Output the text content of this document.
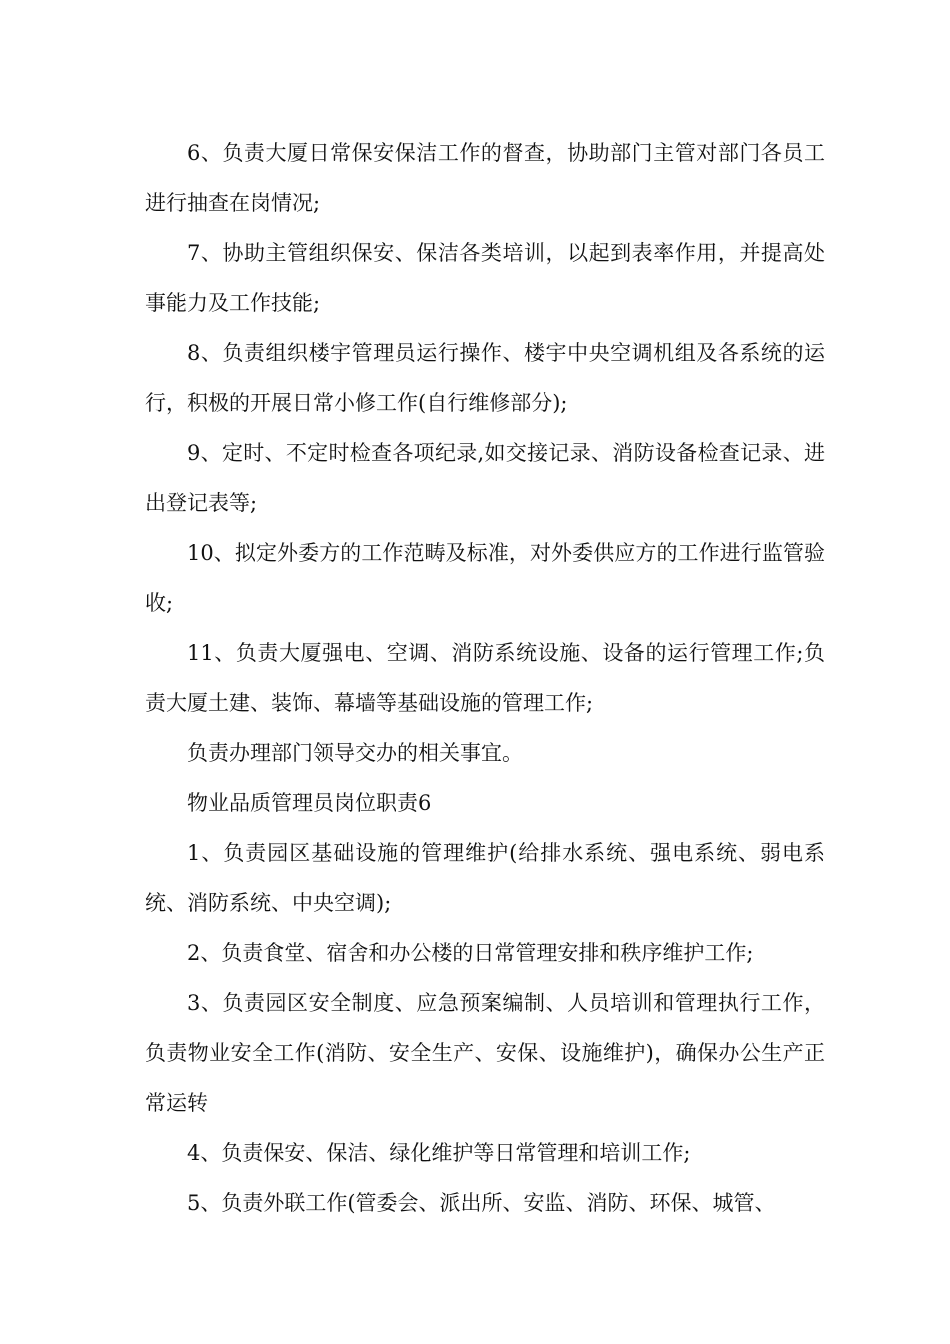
6、负责大厦日常保安保洁工作的督查，协助部门主管对部门各员工进行抽查在岗情况;

7、协助主管组织保安、保洁各类培训，以起到表率作用，并提高处事能力及工作技能;

8、负责组织楼宇管理员运行操作、楼宇中央空调机组及各系统的运行，积极的开展日常小修工作(自行维修部分);

9、定时、不定时检查各项纪录,如交接记录、消防设备检查记录、进出登记表等;

10、拟定外委方的工作范畴及标准，对外委供应方的工作进行监管验收;

11、负责大厦强电、空调、消防系统设施、设备的运行管理工作;负责大厦土建、装饰、幕墙等基础设施的管理工作;

负责办理部门领导交办的相关事宜。

物业品质管理员岗位职责6

1、负责园区基础设施的管理维护(给排水系统、强电系统、弱电系统、消防系统、中央空调);

2、负责食堂、宿舍和办公楼的日常管理安排和秩序维护工作;

3、负责园区安全制度、应急预案编制、人员培训和管理执行工作，负责物业安全工作(消防、安全生产、安保、设施维护)，确保办公生产正常运转

4、负责保安、保洁、绿化维护等日常管理和培训工作;

5、负责外联工作(管委会、派出所、安监、消防、环保、城管、
